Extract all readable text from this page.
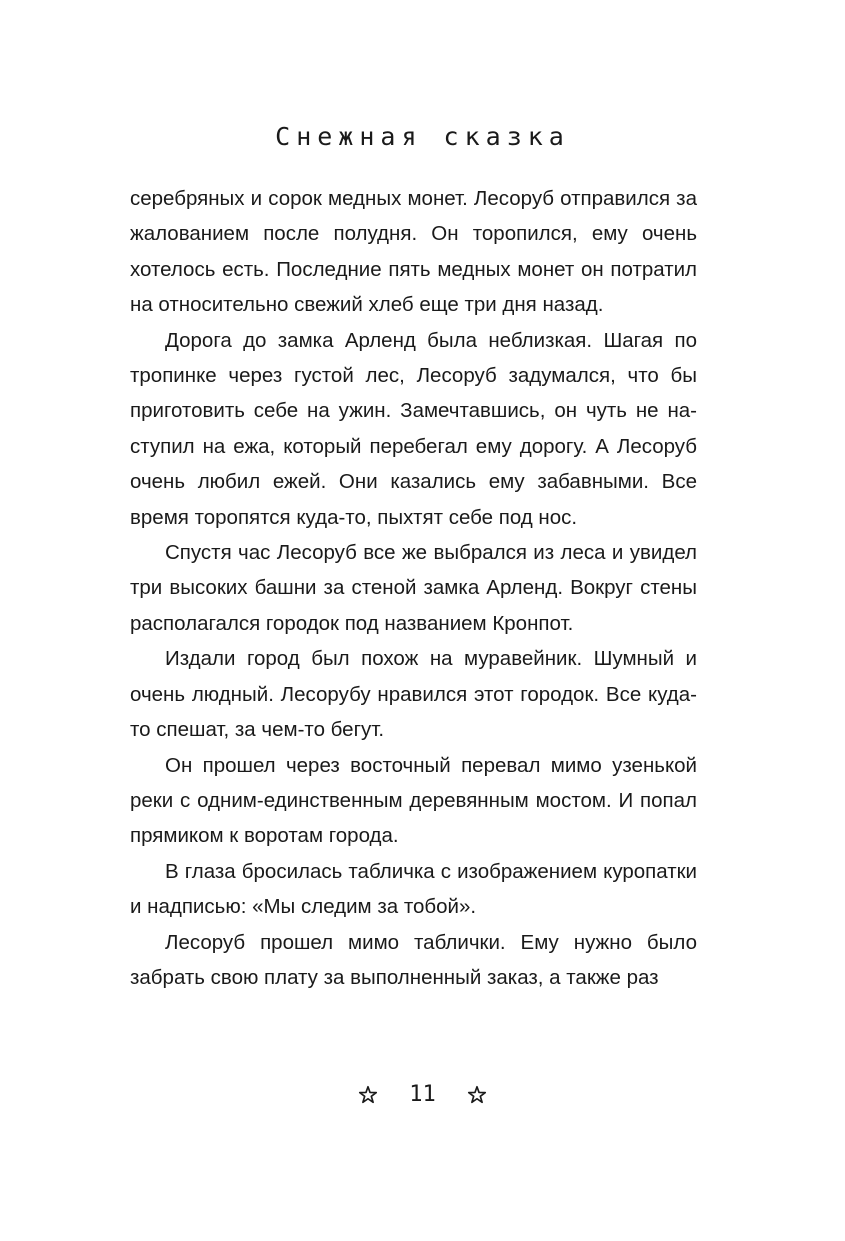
Снежная сказка

серебряных и сорок медных монет. Лесоруб отправился за жалованием после полудня. Он торопился, ему очень хотелось есть. Последние пять медных монет он потратил на относительно свежий хлеб еще три дня назад.

Дорога до замка Арленд была неблизкая. Шагая по тропинке через густой лес, Лесоруб задумался, что бы приготовить себе на ужин. Замечтавшись, он чуть не наступил на ежа, который перебегал ему дорогу. А Лесоруб очень любил ежей. Они казались ему забавными. Все время торопятся куда-то, пыхтят себе под нос.

Спустя час Лесоруб все же выбрался из леса и увидел три высоких башни за стеной замка Арленд. Вокруг стены располагался городок под названием Кронпот.

Издали город был похож на муравейник. Шумный и очень людный. Лесорубу нравился этот городок. Все куда-то спешат, за чем-то бегут.

Он прошел через восточный перевал мимо узенькой реки с одним-единственным деревянным мостом. И попал прямиком к воротам города.

В глаза бросилась табличка с изображением куропатки и надписью: «Мы следим за тобой».

Лесоруб прошел мимо таблички. Ему нужно было забрать свою плату за выполненный заказ, а также раз

11
